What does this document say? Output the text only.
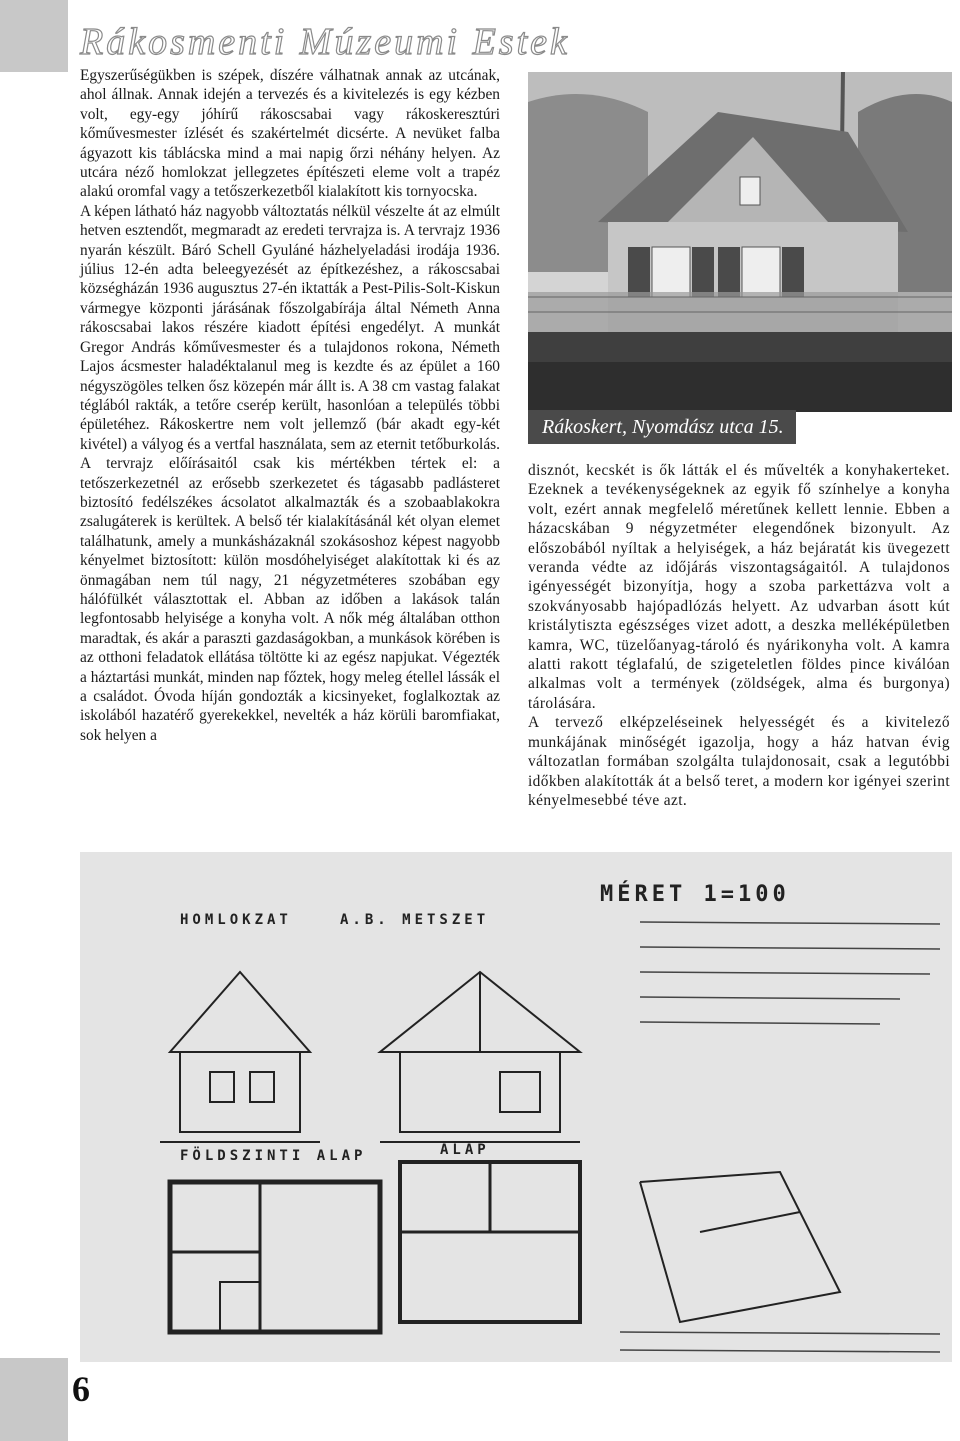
6
Rákosmenti Múzeumi Estek

Egyszerűségükben is szépek, díszére válhatnak annak az utcának, ahol állnak. Annak idején a tervezés és a kivitelezés is egy kézben volt, egy-egy jóhírű rákoscsabai vagy rákoskeresztúri kőművesmester ízlését és szakértelmét dicsérte. A nevüket falba ágyazott kis táblácska mind a mai napig őrzi néhány helyen. Az utcára néző homlokzat jellegzetes építészeti eleme volt a trapéz alakú oromfal vagy a tetőszerkezetből kialakított kis tornyocska.

A képen látható ház nagyobb változtatás nélkül vészelte át az elmúlt hetven esztendőt, megmaradt az eredeti tervrajza is. A tervrajz 1936 nyarán készült. Báró Schell Gyuláné házhelyeladási irodája 1936. július 12-én adta beleegyezését az építkezéshez, a rákoscsabai községházán 1936 augusztus 27-én iktatták a Pest-Pilis-Solt-Kiskun vármegye központi járásának főszolgabírája által Németh Anna rákoscsabai lakos részére kiadott építési engedélyt. A munkát Gregor András kőművesmester és a tulajdonos rokona, Németh Lajos ácsmester haladéktalanul meg is kezdte és az épület a 160 négyszögöles telken ősz közepén már állt is. A 38 cm vastag falakat téglából rakták, a tetőre cserép került, hasonlóan a település többi épületéhez. Rákoskertre nem volt jellemző (bár akadt egy-két kivétel) a vályog és a vertfal használata, sem az eternit tetőburkolás. A tervrajz előírásaitól csak kis mértékben tértek el: a tetőszerkezetnél az erősebb szerkezetet és tágasabb padlásteret biztosító fedélszékes ácsolatot alkalmazták és a szobaablakokra zsalugáterek is kerültek. A belső tér kialakításánál két olyan elemet találhatunk, amely a munkásházaknál szokásoshoz képest nagyobb kényelmet biztosított: külön mosdóhelyiséget alakítottak ki és az önmagában nem túl nagy, 21 négyzetméteres szobában egy hálófülkét választottak el. Abban az időben a lakások talán legfontosabb helyisége a konyha volt. A nők még általában otthon maradtak, és akár a paraszti gazdaságokban, a munkások körében is az otthoni feladatok ellátása töltötte ki az egész napjukat. Végezték a háztartási munkát, minden nap főztek, hogy meleg étellel lássák el a családot. Óvoda híján gondozták a kicsinyeket, foglalkoztak az iskolából hazatérő gyerekekkel, nevelték a ház körüli baromfiakat, sok helyen a

Rákoskert, Nyomdász utca 15.

disznót, kecskét is ők látták el és művelték a konyhakerteket. Ezeknek a tevékenységeknek az egyik fő színhelye a konyha volt, ezért annak megfelelő méretűnek kellett lennie. Ebben a házacskában 9 négyzetméter elegendőnek bizonyult. Az előszobából nyíltak a helyiségek, a ház bejáratát kis üvegezett veranda védte az időjárás viszontagságaitól. A tulajdonos igényességét bizonyítja, hogy a szoba parkettázva volt a szokványosabb hajópadlózás helyett. Az udvarban ásott kút kristálytiszta egészséges vizet adott, a deszka melléképületben kamra, WC, tüzelőanyag-tároló és nyárikonyha volt. A kamra alatti rakott téglafalú, de szigeteletlen földes pince kiválóan alkalmas volt a termények (zöldségek, alma és burgonya) tárolására.

A tervező elképzeléseinek helyességét és a kivitelező munkájának minőségét igazolja, hogy a ház hatvan évig változatlan formában szolgálta tulajdonosait, csak a legutóbbi időkben alakították át a belső teret, a modern kor igényei szerint kényelmesebbé téve azt.

MÉRET 1=100
HOMLOKZAT	A.B. METSZET
FÖLDSZINTI ALAP	ALAP
